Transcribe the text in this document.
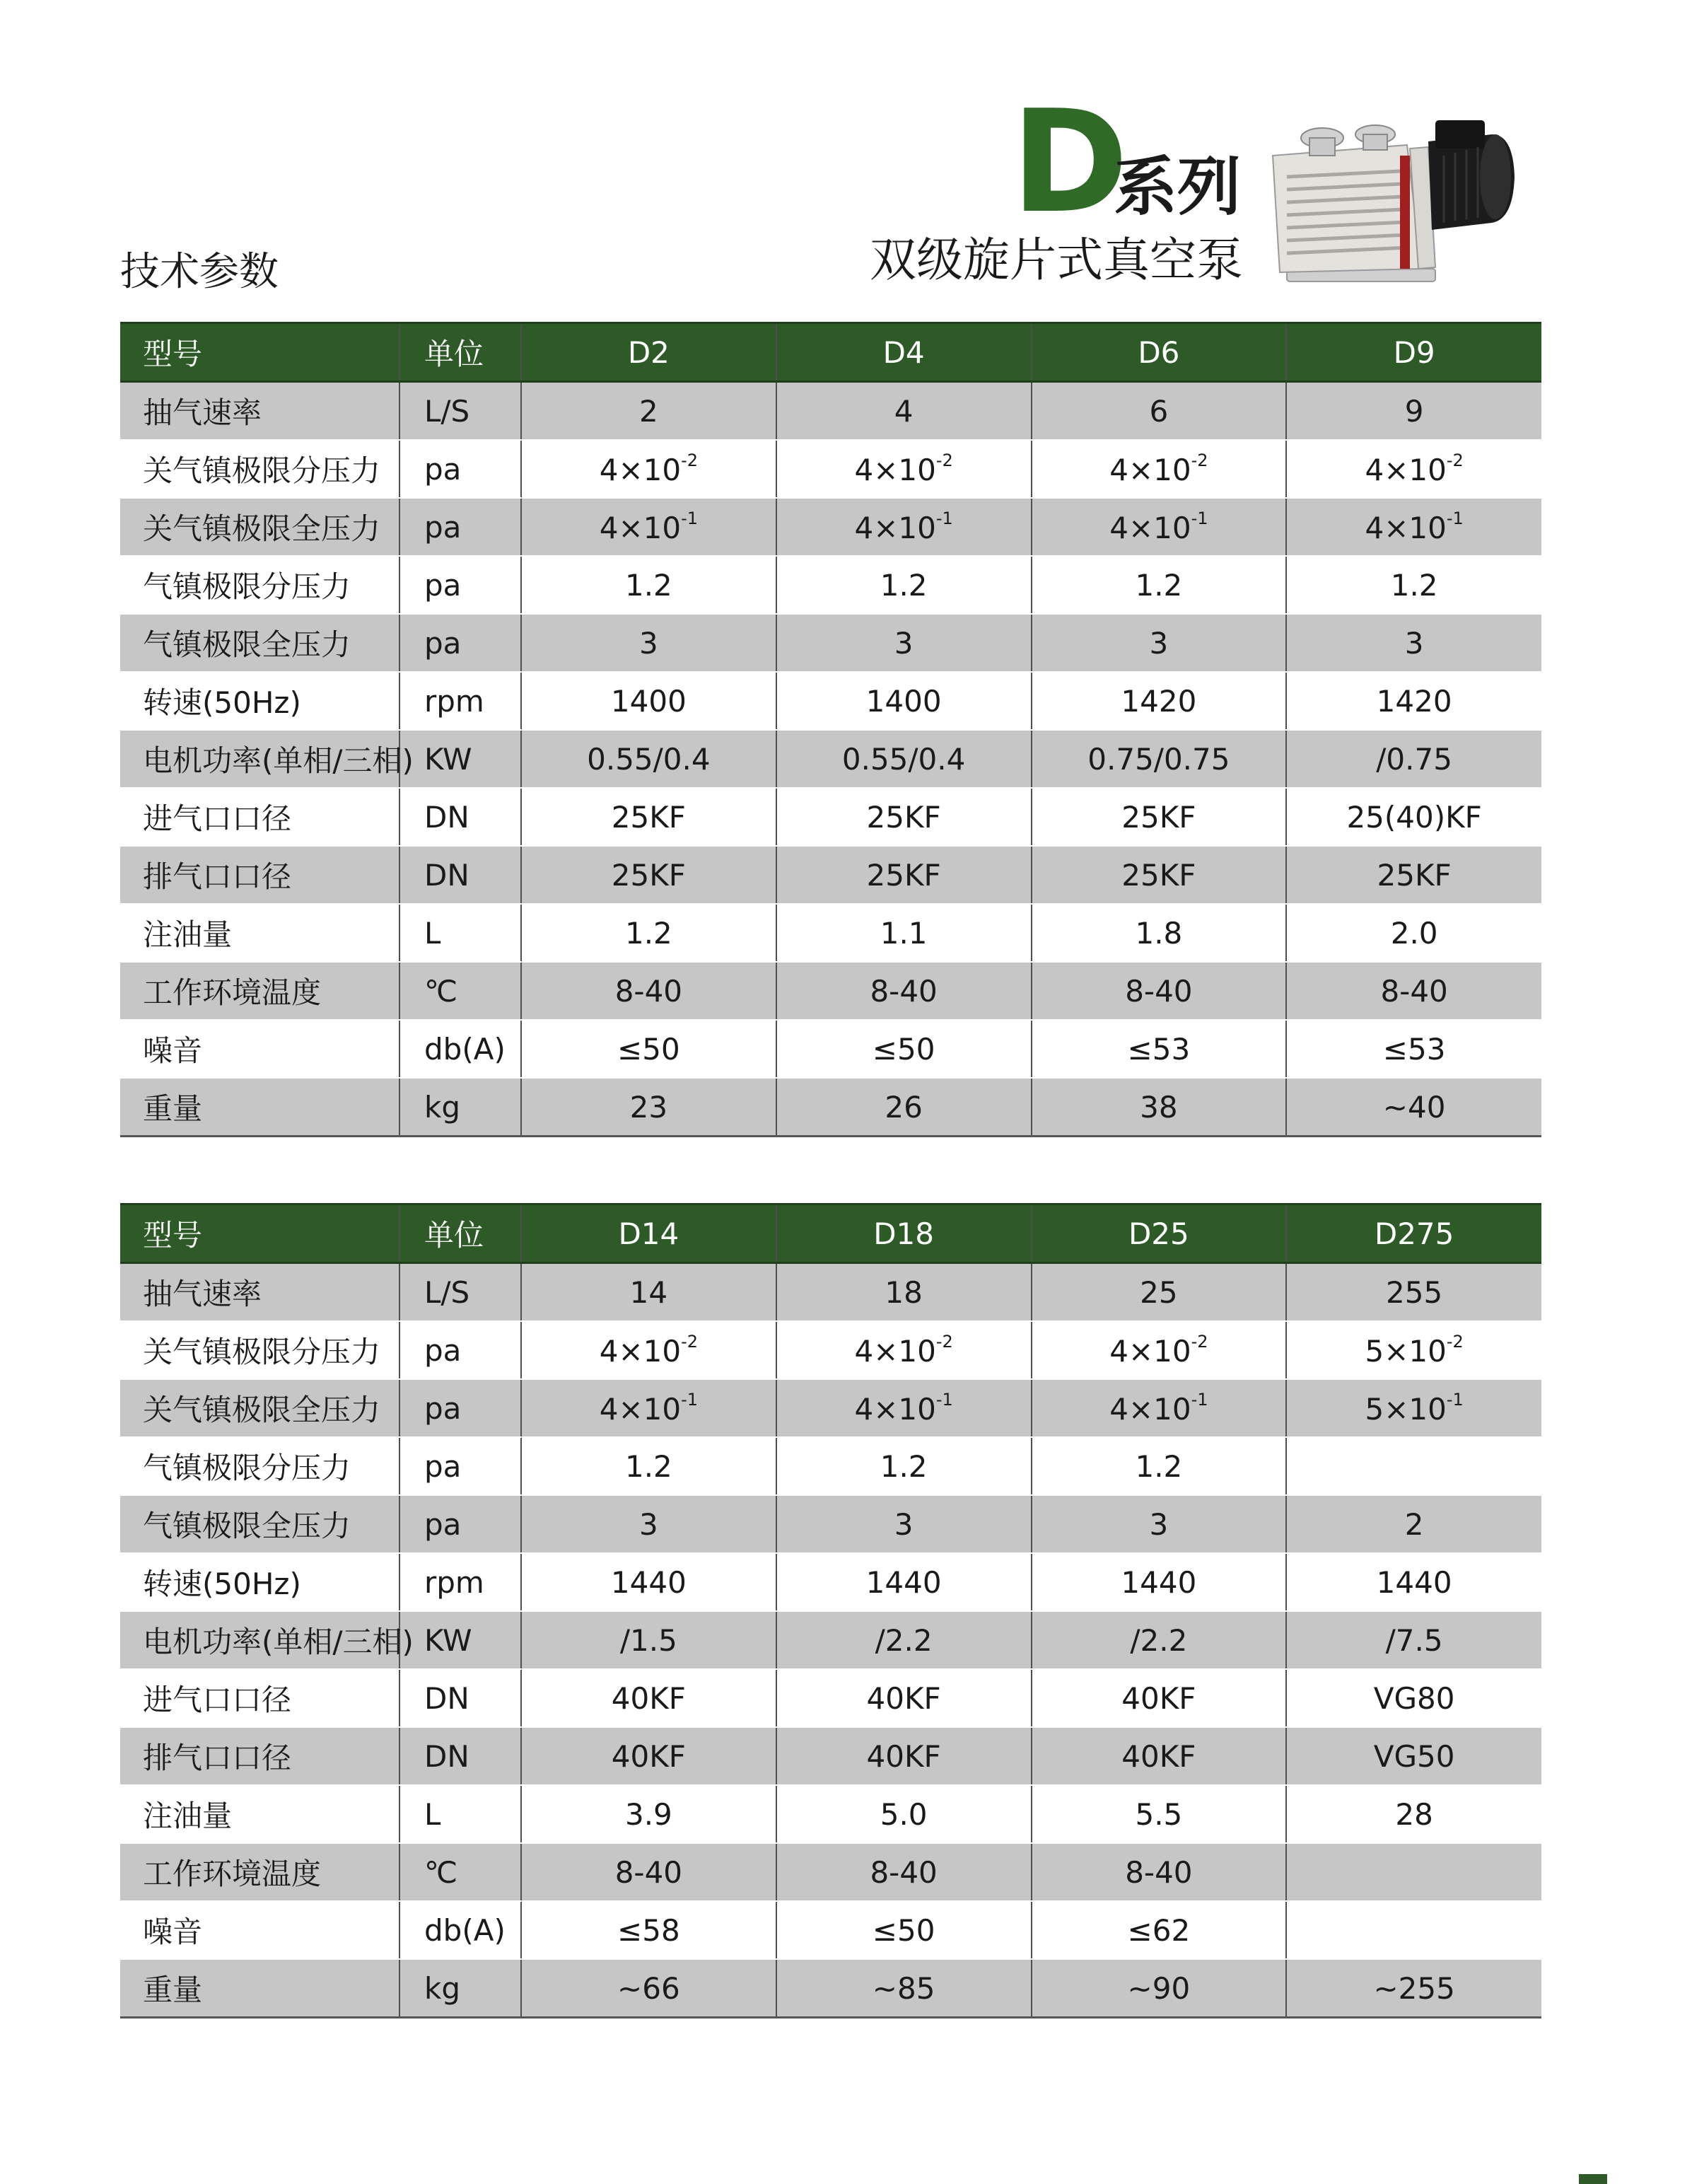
技术参数
D
系列
双级旋片式真空泵
型号	单位	D2	D4	D6	D9
抽气速率	L/S	2	4	6	9
关气镇极限分压力	pa	$4\times 10^{-2}$	$4\times 10^{-2}$	$4\times 10^{-2}$	$4\times 10^{-2}$
关气镇极限全压力	pa	$4\times 10^{-1}$	$4\times 10^{-1}$	$4\times 10^{-1}$	$4\times 10^{-1}$
气镇极限分压力	pa	1.2	1.2	1.2	1.2
气镇极限全压力	pa	3	3	3	3
转速(50Hz)	rpm	1400	1400	1420	1420
电机功率(单相/三相)	KW	0.55/0.4	0.55/0.4	0.75/0.75	/0.75
进气口口径	DN	25KF	25KF	25KF	25(40)KF
排气口口径	DN	25KF	25KF	25KF	25KF
注油量	L	1.2	1.1	1.8	2.0
工作环境温度	℃	8-40	8-40	8-40	8-40
噪音	db(A)	≤50	≤50	≤53	≤53
重量	kg	23	26	38	~40
型号	单位	D14	D18	D25	D275
抽气速率	L/S	14	18	25	255
关气镇极限分压力	pa	$4\times 10^{-2}$	$4\times 10^{-2}$	$4\times 10^{-2}$	$5\times 10^{-2}$
关气镇极限全压力	pa	$4\times 10^{-1}$	$4\times 10^{-1}$	$4\times 10^{-1}$	$5\times 10^{-1}$
气镇极限分压力	pa	1.2	1.2	1.2	
气镇极限全压力	pa	3	3	3	2
转速(50Hz)	rpm	1440	1440	1440	1440
电机功率(单相/三相)	KW	/1.5	/2.2	/2.2	/7.5
进气口口径	DN	40KF	40KF	40KF	VG80
排气口口径	DN	40KF	40KF	40KF	VG50
注油量	L	3.9	5.0	5.5	28
工作环境温度	℃	8-40	8-40	8-40	
噪音	db(A)	≤58	≤50	≤62	
重量	kg	~66	~85	~90	~255
